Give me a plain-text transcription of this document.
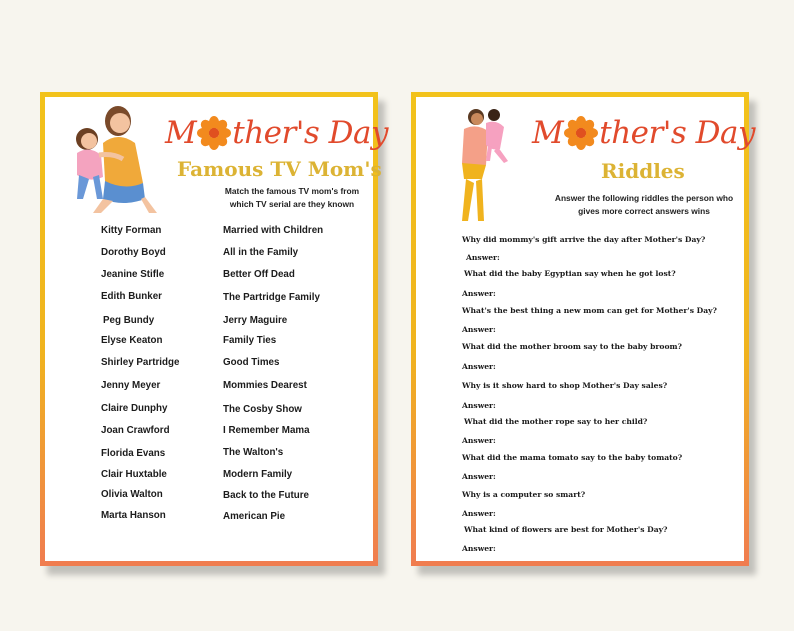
M ther's Day
Famous TV Mom's
Match the famous TV mom's from which TV serial are they known
Kitty Forman
Dorothy Boyd
Jeanine Stifle
Edith Bunker
Peg Bundy
Elyse Keaton
Shirley Partridge
Jenny Meyer
Claire Dunphy
Joan Crawford
Florida Evans
Clair Huxtable
Olivia Walton
Marta Hanson
Married with Children
All in the Family
Better Off Dead
The Partridge Family
Jerry Maguire
Family Ties
Good Times
Mommies Dearest
The Cosby Show
I Remember Mama
The Walton's
Modern Family
Back to the Future
American Pie
M ther's Day
Riddles
Answer the following riddles the person who gives more correct answers wins
Why did mommy's gift arrive the day after Mother's Day?
Answer:
What did the baby Egyptian say when he got lost?
Answer:
What's the best thing a new mom can get for Mother's Day?
Answer:
What did the mother broom say to the baby broom?
Answer:
Why is it show hard to shop Mother's Day sales?
Answer:
What did the mother rope say to her child?
Answer:
What did the mama tomato say to the baby tomato?
Answer:
Why is a computer so smart?
Answer:
What kind of flowers are best for Mother's Day?
Answer:
